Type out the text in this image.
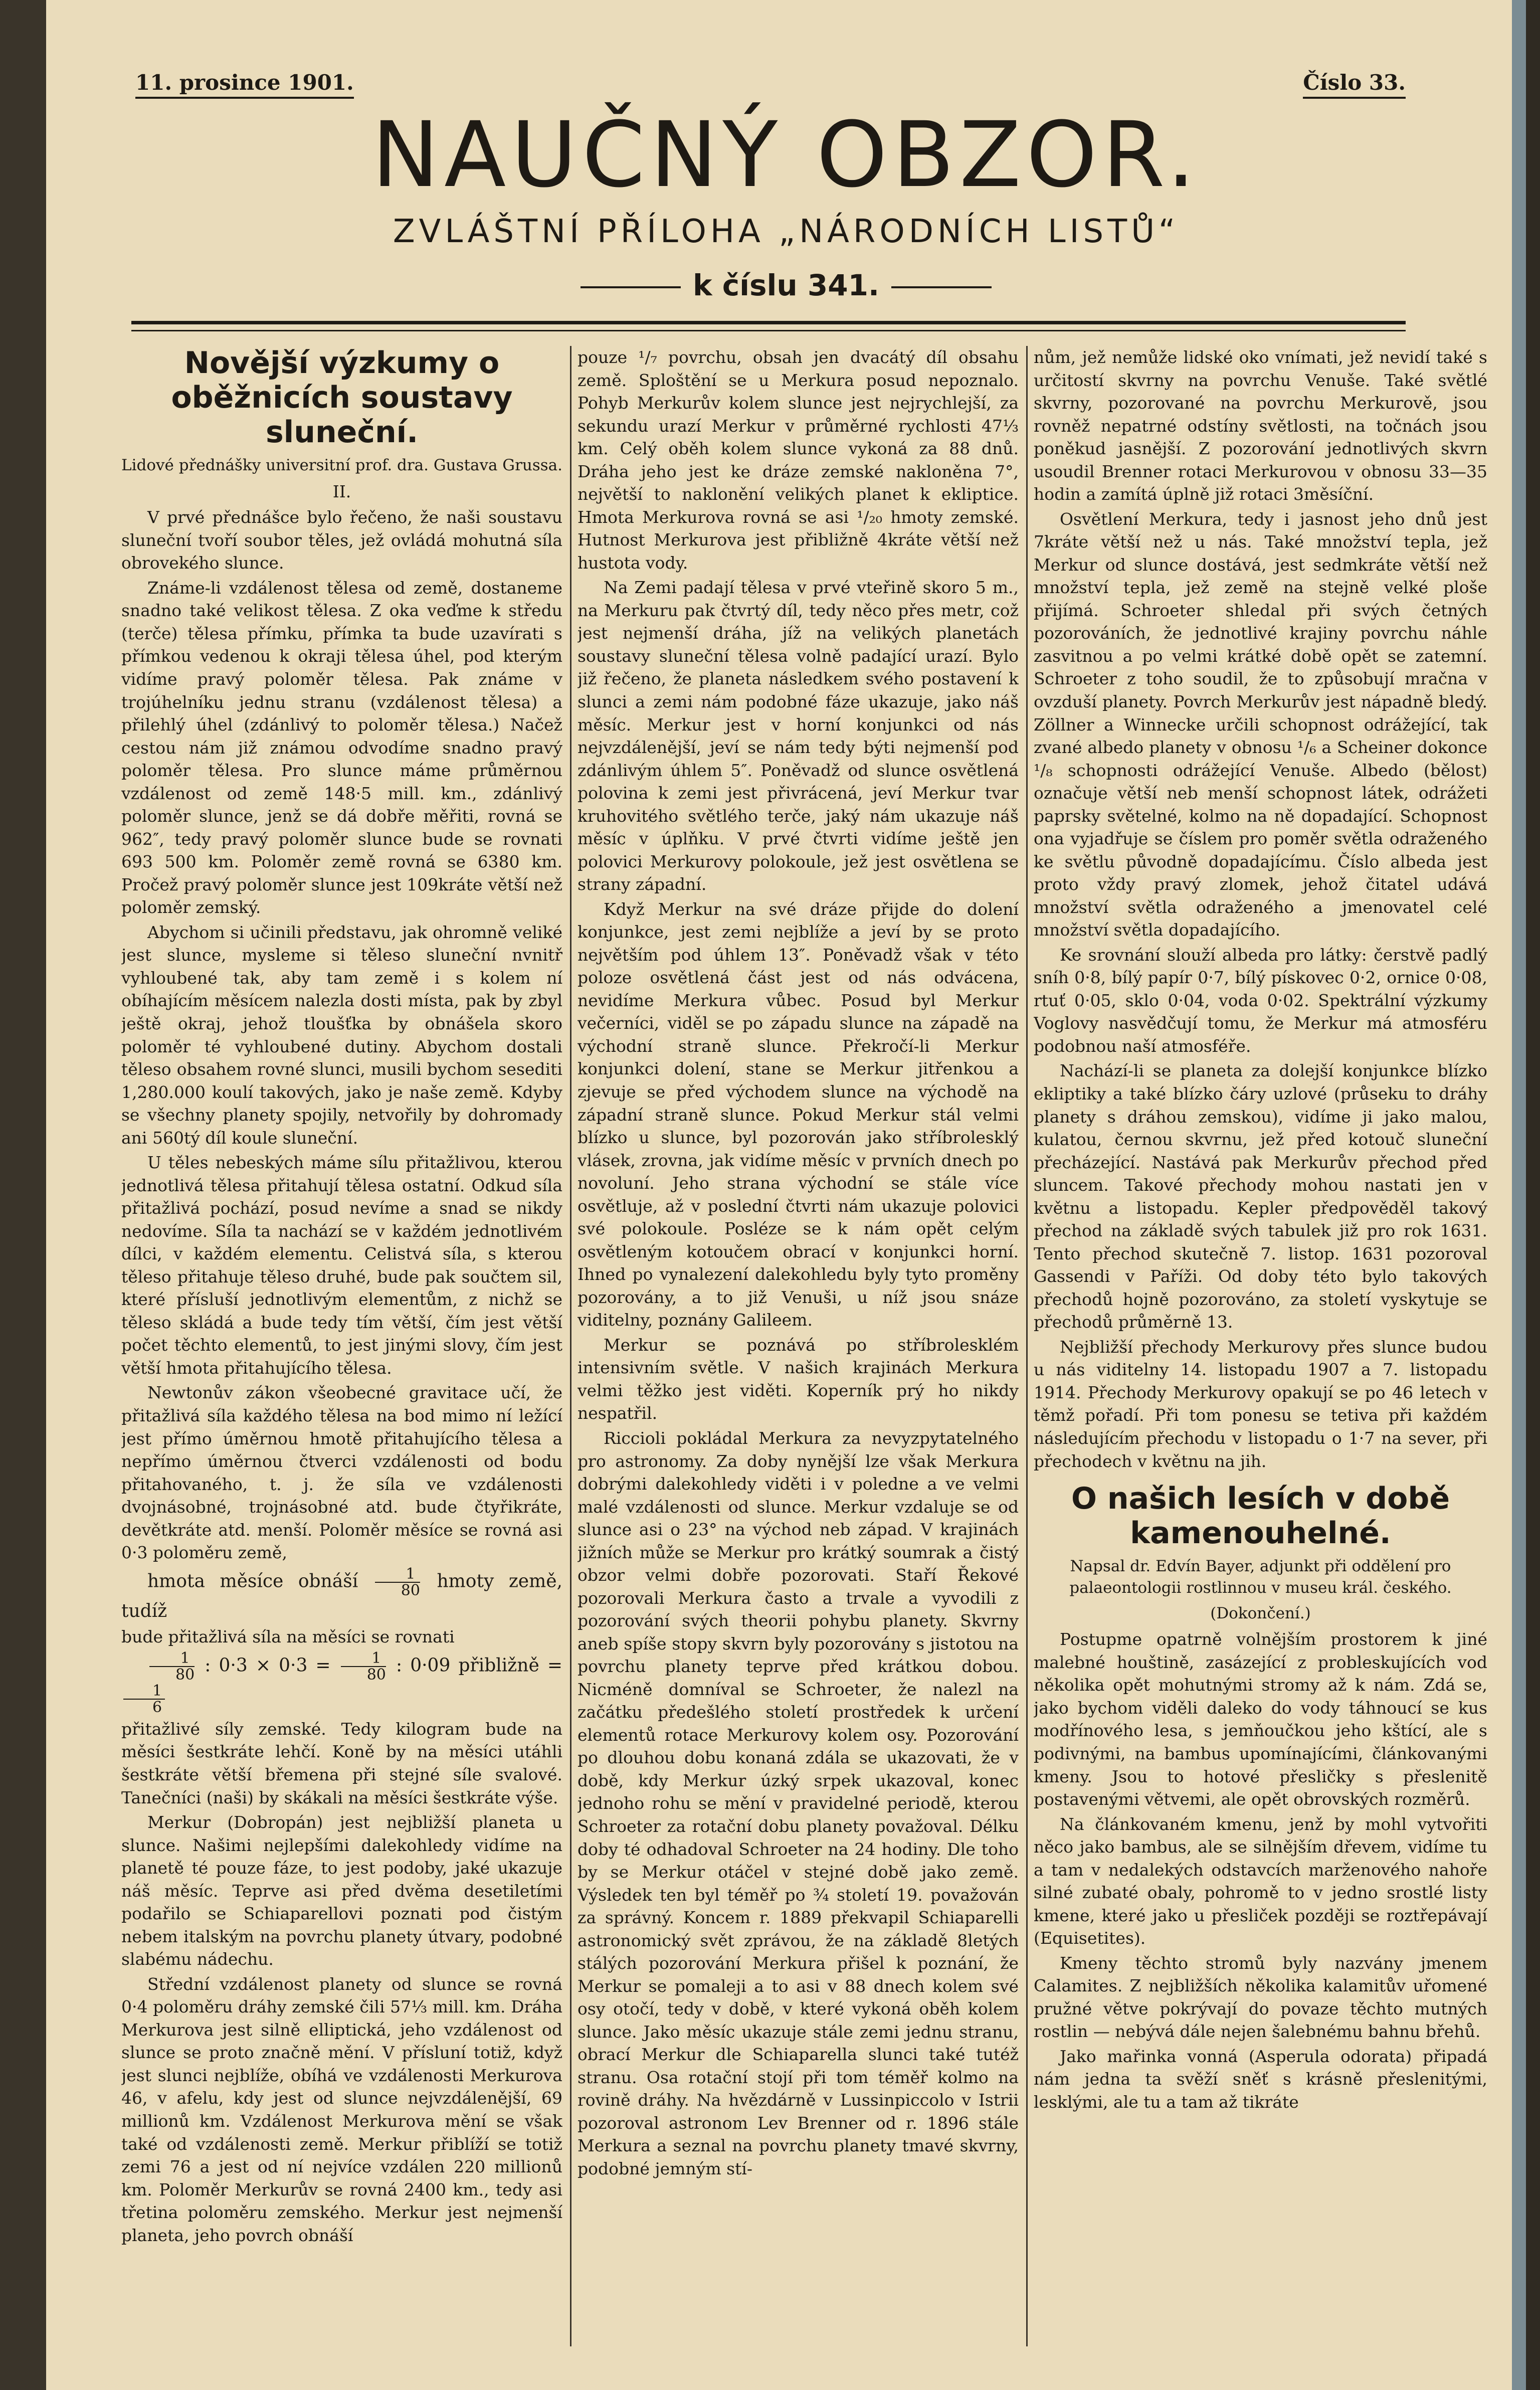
11. prosince 1901.	Číslo 33.
NAUČNÝ OBZOR.
ZVLÁŠTNÍ PŘÍLOHA „NÁRODNÍCH LISTŮ“
k číslu 341.
Novější výzkumy o oběžnicích soustavy sluneční.
Lidové přednášky universitní prof. dra. Gustava Grussa.
II.

V prvé přednášce bylo řečeno, že naši soustavu sluneční tvoří soubor těles, jež ovládá mohutná síla obrovekého slunce.

Známe-li vzdálenost tělesa od země, dostaneme snadno také velikost tělesa. Z oka veďme k středu (terče) tělesa přímku, přímka ta bude uzavírati s přímkou vedenou k okraji tělesa úhel, pod kterým vidíme pravý poloměr tělesa. Pak známe v trojúhelníku jednu stranu (vzdálenost tělesa) a přilehlý úhel (zdánlivý to poloměr tělesa.) Načež cestou nám již známou odvodíme snadno pravý poloměr tělesa. Pro slunce máme průměrnou vzdálenost od země 148·5 mill. km., zdánlivý poloměr slunce, jenž se dá dobře měřiti, rovná se 962″, tedy pravý poloměr slunce bude se rovnati 693 500 km. Poloměr země rovná se 6380 km. Pročež pravý poloměr slunce jest 109kráte větší než poloměr zemský.

Abychom si učinili představu, jak ohromně veliké jest slunce, mysleme si těleso sluneční nvnitř vyhloubené tak, aby tam země i s kolem ní obíhajícím měsícem nalezla dosti místa, pak by zbyl ještě okraj, jehož tloušťka by obnášela skoro poloměr té vyhloubené dutiny. Abychom dostali těleso obsahem rovné slunci, musili bychom sesediti 1,280.000 koulí takových, jako je naše země. Kdyby se všechny planety spojily, netvořily by dohromady ani 560tý díl koule sluneční.

U těles nebeských máme sílu přitažlivou, kterou jednotlivá tělesa přitahují tělesa ostatní. Odkud síla přitažlivá pochází, posud nevíme a snad se nikdy nedovíme. Síla ta nachází se v každém jednotlivém dílci, v každém elementu. Celistvá síla, s kterou těleso přitahuje těleso druhé, bude pak součtem sil, které přísluší jednotlivým elementům, z nichž se těleso skládá a bude tedy tím větší, čím jest větší počet těchto elementů, to jest jinými slovy, čím jest větší hmota přitahujícího tělesa.

Newtonův zákon všeobecné gravitace učí, že přitažlivá síla každého tělesa na bod mimo ní ležící jest přímo úměrnou hmotě přitahujícího tělesa a nepřímo úměrnou čtverci vzdálenosti od bodu přitahovaného, t. j. že síla ve vzdálenosti dvojnásobné, trojnásobné atd. bude čtyřikráte, devětkráte atd. menší. Poloměr měsíce se rovná asi 0·3 poloměru země,

hmota měsíce obnáší $\frac{1}{80}$ hmoty země, tudíž

bude přitažlivá síla na měsíci se rovnati

$\frac{1}{80}$ : $0\cdot 3 \times 0\cdot 3 = \frac{1}{80}$ : 0·09 přibližně =
$\frac{1}{6}$

přitažlivé síly zemské. Tedy kilogram bude na měsíci šestkráte lehčí. Koně by na měsíci utáhli šestkráte větší břemena při stejné síle svalové. Tanečníci (naši) by skákali na měsíci šestkráte výše.

Merkur (Dobropán) jest nejbližší planeta u slunce. Našimi nejlepšími dalekohledy vidíme na planetě té pouze fáze, to jest podoby, jaké ukazuje náš měsíc. Teprve asi před dvěma desetiletími podařilo se Schiaparellovi poznati pod čistým nebem italským na povrchu planety útvary, podobné slabému nádechu.

Střední vzdálenost planety od slunce se rovná 0·4 poloměru dráhy zemské čili 57⅓ mill. km. Dráha Merkurova jest silně elliptická, jeho vzdálenost od slunce se proto značně mění. V přísluní totiž, když jest slunci nejblíže, obíhá ve vzdálenosti Merkurova 46, v afelu, kdy jest od slunce nejvzdálenější, 69 millionů km. Vzdálenost Merkurova mění se však také od vzdálenosti země. Merkur přiblíží se totiž zemi 76 a jest od ní nejvíce vzdálen 220 millionů km. Poloměr Merkurův se rovná 2400 km., tedy asi třetina poloměru zemského. Merkur jest nejmenší planeta, jeho povrch obnáší

pouze ¹/₇ povrchu, obsah jen dvacátý díl obsahu země. Sploštění se u Merkura posud nepoznalo. Pohyb Merkurův kolem slunce jest nejrychlejší, za sekundu urazí Merkur v průměrné rychlosti 47⅓ km. Celý oběh kolem slunce vykoná za 88 dnů. Dráha jeho jest ke dráze zemské nakloněna 7°, největší to naklonění velikých planet k ekliptice. Hmota Merkurova rovná se asi ¹/₂₀ hmoty zemské. Hutnost Merkurova jest přibližně 4kráte větší než hustota vody.

Na Zemi padají tělesa v prvé vteřině skoro 5 m., na Merkuru pak čtvrtý díl, tedy něco přes metr, což jest nejmenší dráha, jíž na velikých planetách soustavy sluneční tělesa volně padající urazí. Bylo již řečeno, že planeta následkem svého postavení k slunci a zemi nám podobné fáze ukazuje, jako náš měsíc. Merkur jest v horní konjunkci od nás nejvzdálenější, jeví se nám tedy býti nejmenší pod zdánlivým úhlem 5″. Poněvadž od slunce osvětlená polovina k zemi jest přivrácená, jeví Merkur tvar kruhovitého světlého terče, jaký nám ukazuje náš měsíc v úplňku. V prvé čtvrti vidíme ještě jen polovici Merkurovy polokoule, jež jest osvětlena se strany západní.

Když Merkur na své dráze přijde do dolení konjunkce, jest zemi nejblíže a jeví by se proto největším pod úhlem 13″. Poněvadž však v této poloze osvětlená část jest od nás odvácena, nevidíme Merkura vůbec. Posud byl Merkur večerníci, viděl se po západu slunce na západě na východní straně slunce. Překročí-li Merkur konjunkci dolení, stane se Merkur jitřenkou a zjevuje se před východem slunce na východě na západní straně slunce. Pokud Merkur stál velmi blízko u slunce, byl pozorován jako stříbrolesklý vlásek, zrovna, jak vidíme měsíc v prvních dnech po novoluní. Jeho strana východní se stále více osvětluje, až v poslední čtvrti nám ukazuje polovici své polokoule. Posléze se k nám opět celým osvětleným kotoučem obrací v konjunkci horní. Ihned po vynalezení dalekohledu byly tyto proměny pozorovány, a to již Venuši, u níž jsou snáze viditelny, poznány Galileem.

Merkur se poznává po stříbrolesklém intensivním světle. V našich krajinách Merkura velmi těžko jest viděti. Koperník prý ho nikdy nespatřil.

Riccioli pokládal Merkura za nevyzpytatelného pro astronomy. Za doby nynější lze však Merkura dobrými dalekohledy viděti i v poledne a ve velmi malé vzdálenosti od slunce. Merkur vzdaluje se od slunce asi o 23° na východ neb západ. V krajinách jižních může se Merkur pro krátký soumrak a čistý obzor velmi dobře pozorovati. Staří Řekové pozorovali Merkura často a trvale a vyvodili z pozorování svých theorii pohybu planety. Skvrny aneb spíše stopy skvrn byly pozorovány s jistotou na povrchu planety teprve před krátkou dobou. Nicméně domníval se Schroeter, že nalezl na začátku předešlého století prostředek k určení elementů rotace Merkurovy kolem osy. Pozorování po dlouhou dobu konaná zdála se ukazovati, že v době, kdy Merkur úzký srpek ukazoval, konec jednoho rohu se mění v pravidelné periodě, kterou Schroeter za rotační dobu planety považoval. Délku doby té odhadoval Schroeter na 24 hodiny. Dle toho by se Merkur otáčel v stejné době jako země. Výsledek ten byl téměř po ¾ století 19. považován za správný. Koncem r. 1889 překvapil Schiaparelli astronomický svět zprávou, že na základě 8letých stálých pozorování Merkura přišel k poznání, že Merkur se pomaleji a to asi v 88 dnech kolem své osy otočí, tedy v době, v které vykoná oběh kolem slunce. Jako měsíc ukazuje stále zemi jednu stranu, obrací Merkur dle Schiaparella slunci také tutéž stranu. Osa rotační stojí při tom téměř kolmo na rovině dráhy. Na hvězdárně v Lussinpiccolo v Istrii pozoroval astronom Lev Brenner od r. 1896 stále Merkura a seznal na povrchu planety tmavé skvrny, podobné jemným stí-

nům, jež nemůže lidské oko vnímati, jež nevidí také s určitostí skvrny na povrchu Venuše. Také světlé skvrny, pozorované na povrchu Merkurově, jsou rovněž nepatrné odstíny světlosti, na točnách jsou poněkud jasnější. Z pozorování jednotlivých skvrn usoudil Brenner rotaci Merkurovou v obnosu 33—35 hodin a zamítá úplně již rotaci 3měsíční.

Osvětlení Merkura, tedy i jasnost jeho dnů jest 7kráte větší než u nás. Také množství tepla, jež Merkur od slunce dostává, jest sedmkráte větší než množství tepla, jež země na stejně velké ploše přijímá. Schroeter shledal při svých četných pozorováních, že jednotlivé krajiny povrchu náhle zasvitnou a po velmi krátké době opět se zatemní. Schroeter z toho soudil, že to způsobují mračna v ovzduší planety. Povrch Merkurův jest nápadně bledý. Zöllner a Winnecke určili schopnost odrážející, tak zvané albedo planety v obnosu ¹/₆ a Scheiner dokonce ¹/₈ schopnosti odrážející Venuše. Albedo (bělost) označuje větší neb menší schopnost látek, odrážeti paprsky světelné, kolmo na ně dopadající. Schopnost ona vyjadřuje se číslem pro poměr světla odraženého ke světlu původně dopadajícímu. Číslo albeda jest proto vždy pravý zlomek, jehož čitatel udává množství světla odraženého a jmenovatel celé množství světla dopadajícího.

Ke srovnání slouží albeda pro látky: čerstvě padlý sníh 0·8, bílý papír 0·7, bílý pískovec 0·2, ornice 0·08, rtuť 0·05, sklo 0·04, voda 0·02. Spektrální výzkumy Voglovy nasvědčují tomu, že Merkur má atmosféru podobnou naší atmosféře.

Nachází-li se planeta za dolejší konjunkce blízko ekliptiky a také blízko čáry uzlové (průseku to dráhy planety s dráhou zemskou), vidíme ji jako malou, kulatou, černou skvrnu, jež před kotouč sluneční přecházející. Nastává pak Merkurův přechod před sluncem. Takové přechody mohou nastati jen v květnu a listopadu. Kepler předpověděl takový přechod na základě svých tabulek již pro rok 1631. Tento přechod skutečně 7. listop. 1631 pozoroval Gassendi v Paříži. Od doby této bylo takových přechodů hojně pozorováno, za století vyskytuje se přechodů průměrně 13.

Nejbližší přechody Merkurovy přes slunce budou u nás viditelny 14. listopadu 1907 a 7. listopadu 1914. Přechody Merkurovy opakují se po 46 letech v těmž pořadí. Při tom ponesu se tetiva při každém následujícím přechodu v listopadu o 1·7 na sever, při přechodech v květnu na jih.

O našich lesích v době kamenouhelné.
Napsal dr. Edvín Bayer, adjunkt při oddělení pro palaeontologii rostlinnou v museu král. českého.
(Dokončení.)

Postupme opatrně volnějším prostorem k jiné malebné houštině, zasázející z probleskujících vod několika opět mohutnými stromy až k nám. Zdá se, jako bychom viděli daleko do vody táhnoucí se kus modřínového lesa, s jemňoučkou jeho kštící, ale s podivnými, na bambus upomínajícími, článkovanými kmeny. Jsou to hotové přesličky s přeslenitě postavenými větvemi, ale opět obrovských rozměrů.

Na článkovaném kmenu, jenž by mohl vytvořiti něco jako bambus, ale se silnějším dřevem, vidíme tu a tam v nedalekých odstavcích marženového nahoře silné zubaté obaly, pohromě to v jedno srostlé listy kmene, které jako u přesliček později se roztřepávají (Equisetites).

Kmeny těchto stromů byly nazvány jmenem Calamites. Z nejbližších několika kalamitův uřomené pružné větve pokrývají do povaze těchto mutných rostlin — nebývá dále nejen šalebnému bahnu břehů.

Jako mařinka vonná (Asperula odorata) připadá nám jedna ta svěží sněť s krásně přeslenitými, lesklými, ale tu a tam až tikráte
